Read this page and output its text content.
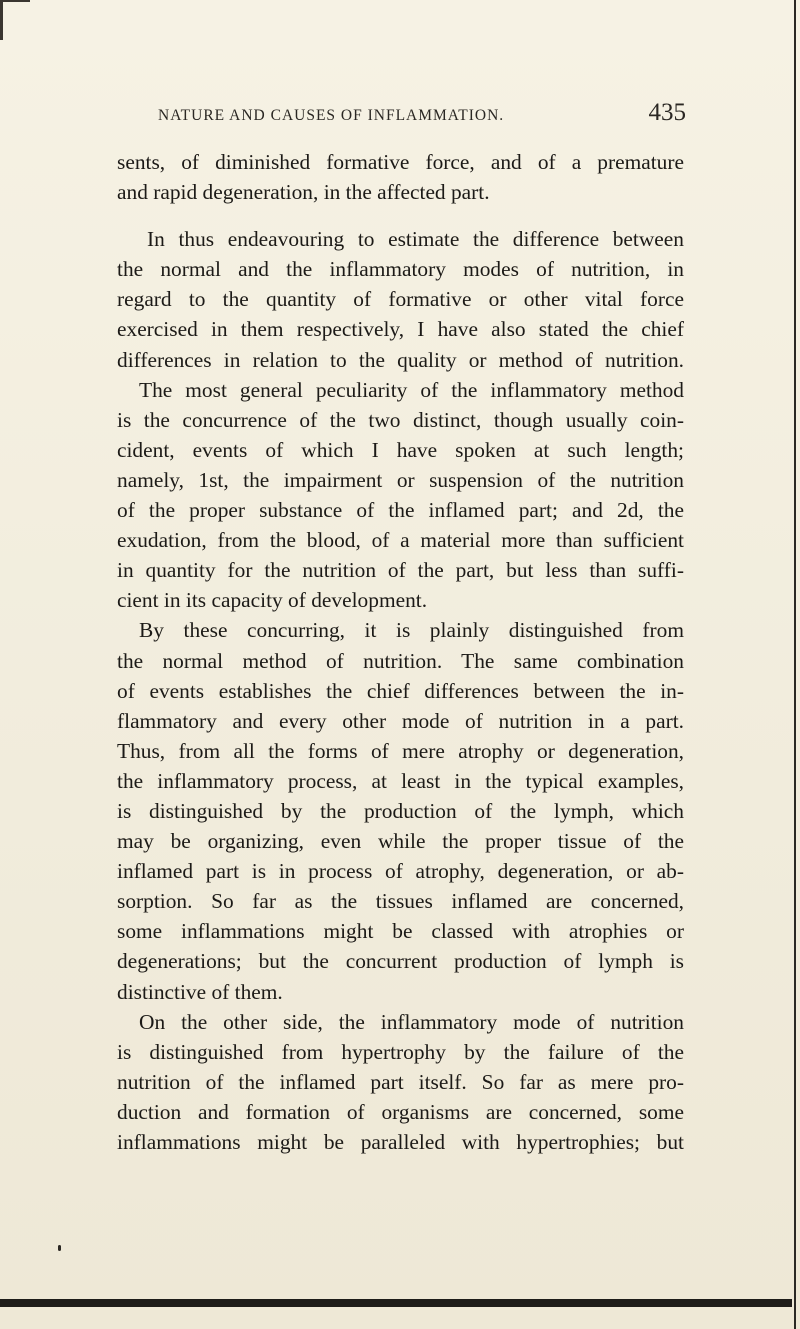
NATURE AND CAUSES OF INFLAMMATION.	435
sents, of diminished formative force, and of a premature
and rapid degeneration, in the affected part.
In thus endeavouring to estimate the difference between
the normal and the inflammatory modes of nutrition, in
regard to the quantity of formative or other vital force
exercised in them respectively, I have also stated the chief
differences in relation to the quality or method of nutrition.
The most general peculiarity of the inflammatory method
is the concurrence of the two distinct, though usually coin-
cident, events of which I have spoken at such length;
namely, 1st, the impairment or suspension of the nutrition
of the proper substance of the inflamed part; and 2d, the
exudation, from the blood, of a material more than sufficient
in quantity for the nutrition of the part, but less than suffi-
cient in its capacity of development.
By these concurring, it is plainly distinguished from
the normal method of nutrition. The same combination
of events establishes the chief differences between the in-
flammatory and every other mode of nutrition in a part.
Thus, from all the forms of mere atrophy or degeneration,
the inflammatory process, at least in the typical examples,
is distinguished by the production of the lymph, which
may be organizing, even while the proper tissue of the
inflamed part is in process of atrophy, degeneration, or ab-
sorption. So far as the tissues inflamed are concerned,
some inflammations might be classed with atrophies or
degenerations; but the concurrent production of lymph is
distinctive of them.
On the other side, the inflammatory mode of nutrition
is distinguished from hypertrophy by the failure of the
nutrition of the inflamed part itself. So far as mere pro-
duction and formation of organisms are concerned, some
inflammations might be paralleled with hypertrophies; but
